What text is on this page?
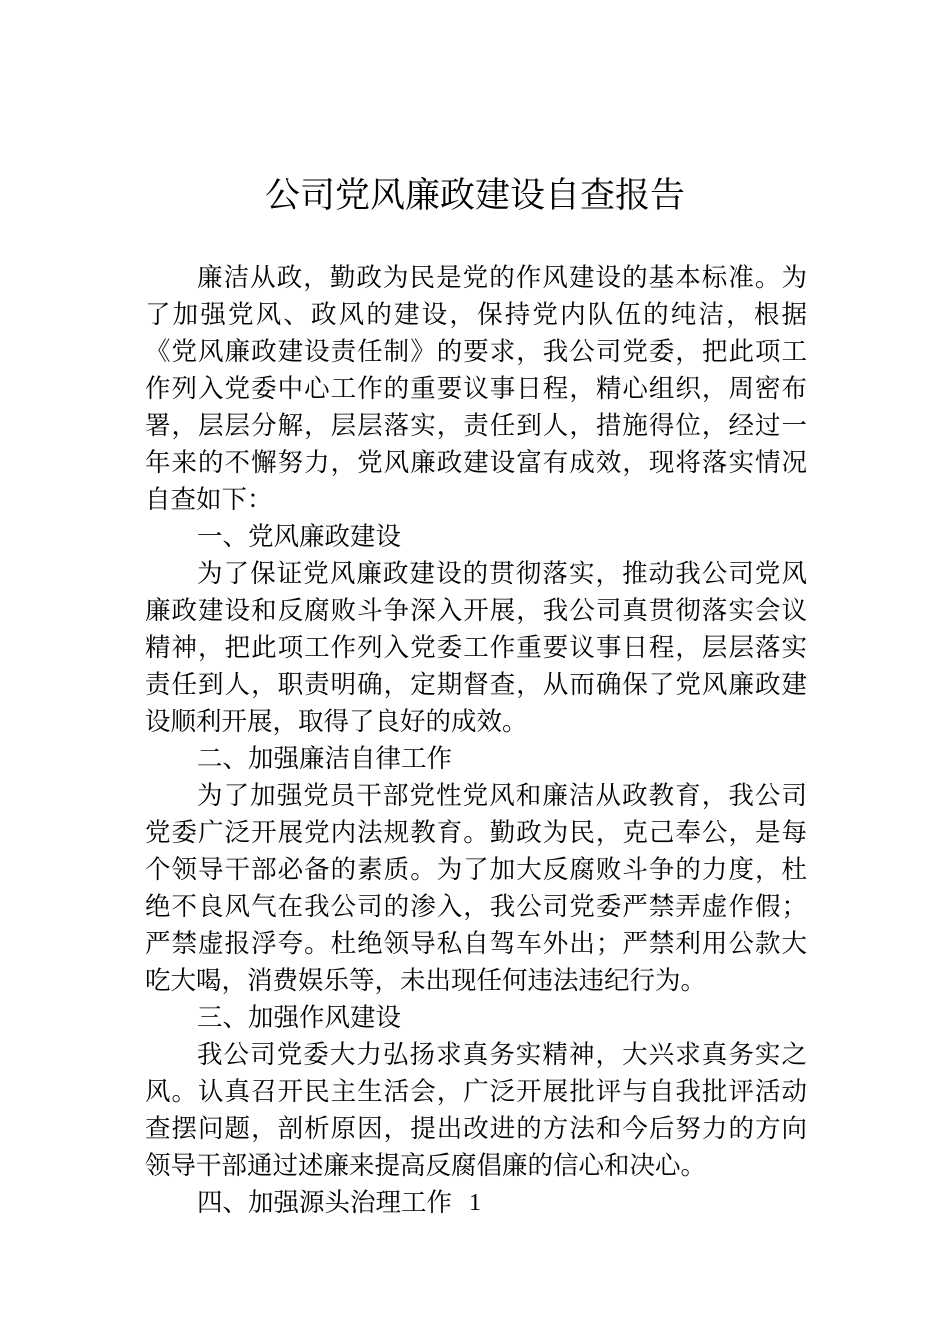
公司党风廉政建设自查报告

廉洁从政，勤政为民是党的作风建设的基本标准。为了加强党风、政风的建设，保持党内队伍的纯洁，根据《党风廉政建设责任制》的要求，我公司党委，把此项工作列入党委中心工作的重要议事日程，精心组织，周密布署，层层分解，层层落实，责任到人，措施得位，经过一年来的不懈努力，党风廉政建设富有成效，现将落实情况自查如下：

一、党风廉政建设

为了保证党风廉政建设的贯彻落实，推动我公司党风廉政建设和反腐败斗争深入开展，我公司真贯彻落实会议精神，把此项工作列入党委工作重要议事日程，层层落实责任到人，职责明确，定期督查，从而确保了党风廉政建设顺利开展，取得了良好的成效。

二、加强廉洁自律工作

为了加强党员干部党性党风和廉洁从政教育，我公司党委广泛开展党内法规教育。勤政为民，克己奉公，是每个领导干部必备的素质。为了加大反腐败斗争的力度，杜绝不良风气在我公司的渗入，我公司党委严禁弄虚作假；严禁虚报浮夸。杜绝领导私自驾车外出；严禁利用公款大吃大喝，消费娱乐等，未出现任何违法违纪行为。

三、加强作风建设

我公司党委大力弘扬求真务实精神，大兴求真务实之风。认真召开民主生活会，广泛开展批评与自我批评活动查摆问题，剖析原因，提出改进的方法和今后努力的方向领导干部通过述廉来提高反腐倡廉的信心和决心。

四、加强源头治理工作 1
